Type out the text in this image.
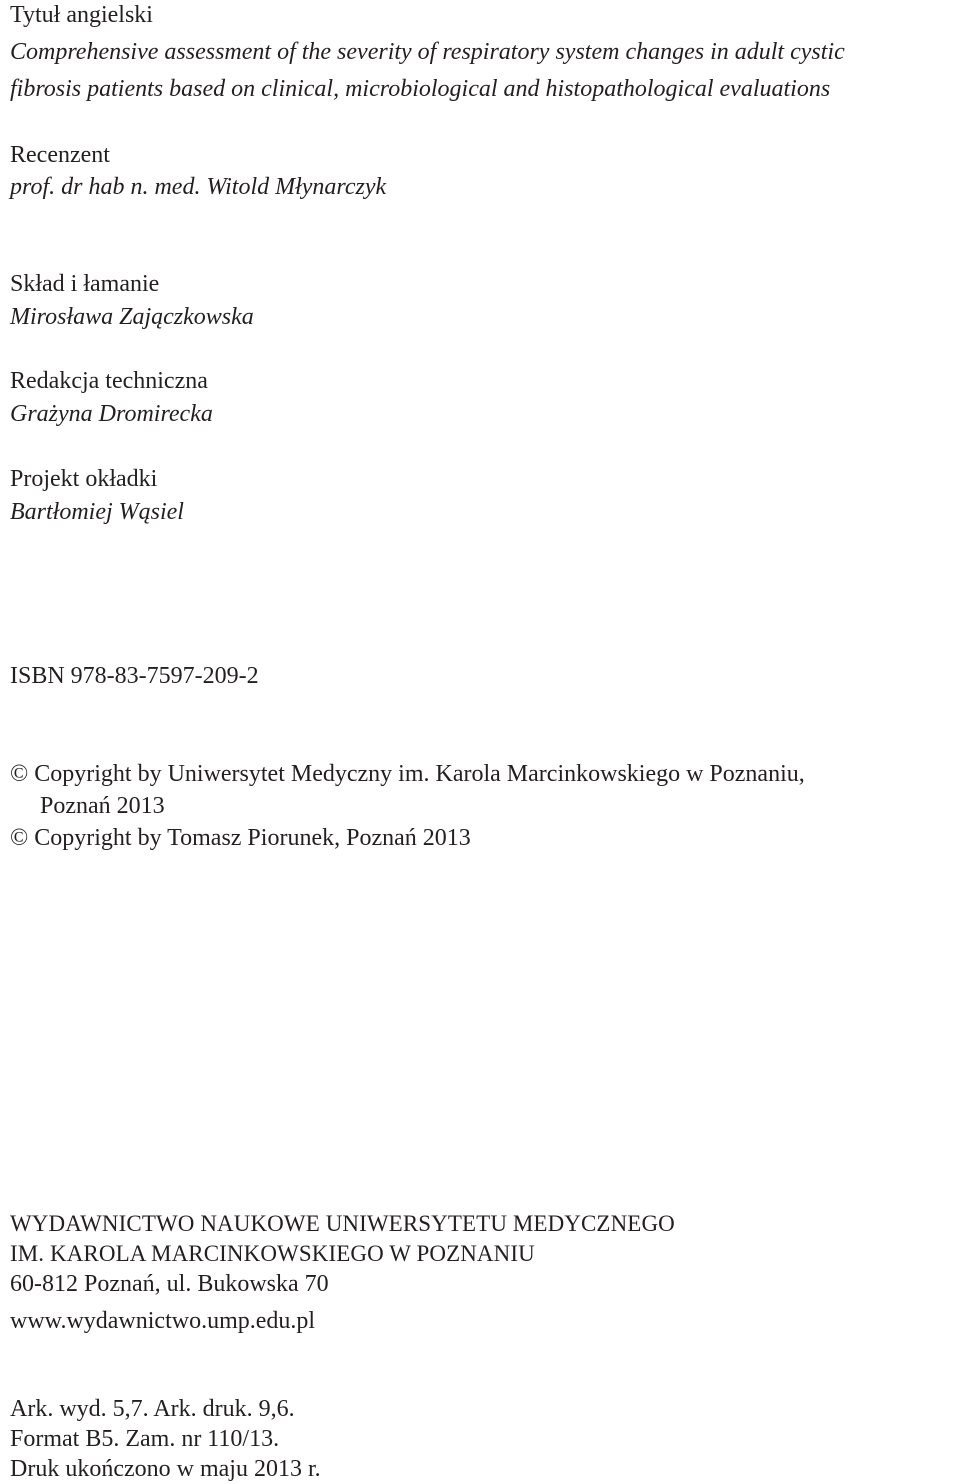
Tytuł angielski
Comprehensive assessment of the severity of respiratory system changes in adult cystic
fibrosis patients based on clinical, microbiological and histopathological evaluations
Recenzent
prof. dr hab n. med. Witold Młynarczyk
Skład i łamanie
Mirosława Zajączkowska
Redakcja techniczna
Grażyna Dromirecka
Projekt okładki
Bartłomiej Wąsiel
ISBN 978-83-7597-209-2
© Copyright by Uniwersytet Medyczny im. Karola Marcinkowskiego w Poznaniu,
Poznań 2013
© Copyright by Tomasz Piorunek, Poznań 2013
WYDAWNICTWO NAUKOWE UNIWERSYTETU MEDYCZNEGO
IM. KAROLA MARCINKOWSKIEGO W POZNANIU
60-812 Poznań, ul. Bukowska 70
www.wydawnictwo.ump.edu.pl
Ark. wyd. 5,7. Ark. druk. 9,6.
Format B5. Zam. nr 110/13.
Druk ukończono w maju 2013 r.
